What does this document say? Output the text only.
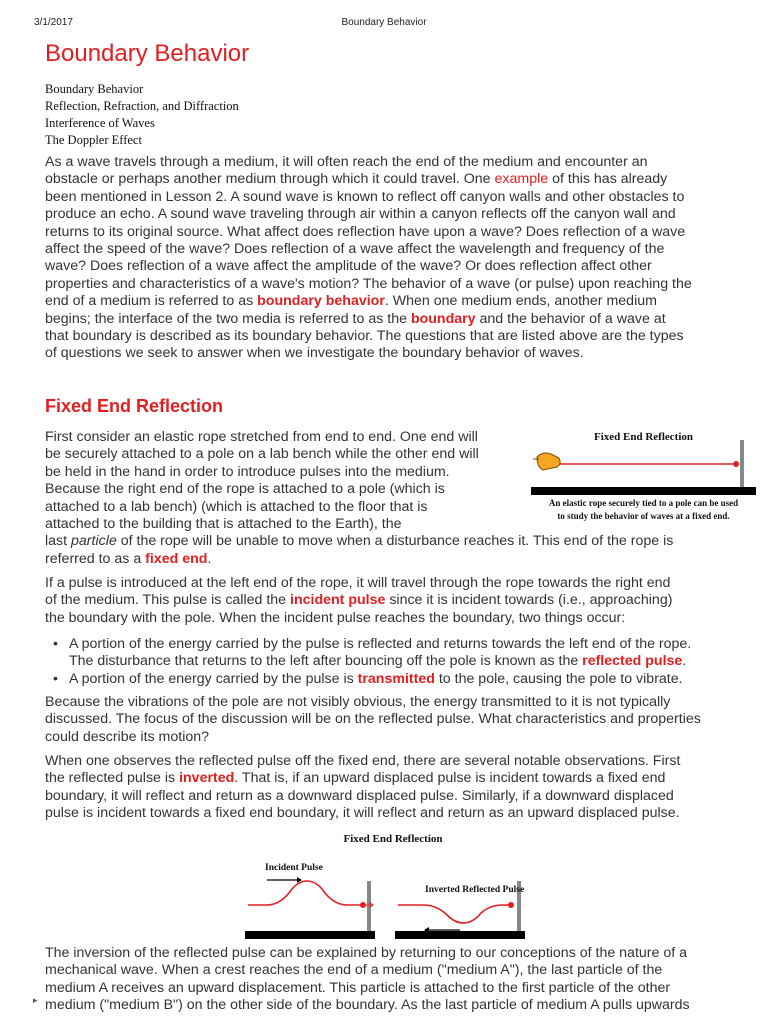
3/1/2017	Boundary Behavior
Boundary Behavior
Boundary Behavior
Reflection, Refraction, and Diffraction
Interference of Waves
The Doppler Effect
As a wave travels through a medium, it will often reach the end of the medium and encounter an
obstacle or perhaps another medium through which it could travel. One example of this has already
been mentioned in Lesson 2. A sound wave is known to reflect off canyon walls and other obstacles to
produce an echo. A sound wave traveling through air within a canyon reflects off the canyon wall and
returns to its original source. What affect does reflection have upon a wave? Does reflection of a wave
affect the speed of the wave? Does reflection of a wave affect the wavelength and frequency of the
wave? Does reflection of a wave affect the amplitude of the wave? Or does reflection affect other
properties and characteristics of a wave's motion? The behavior of a wave (or pulse) upon reaching the
end of a medium is referred to as boundary behavior. When one medium ends, another medium
begins; the interface of the two media is referred to as the boundary and the behavior of a wave at
that boundary is described as its boundary behavior. The questions that are listed above are the types
of questions we seek to answer when we investigate the boundary behavior of waves.
Fixed End Reflection
First consider an elastic rope stretched from end to end. One end will
be securely attached to a pole on a lab bench while the other end will
be held in the hand in order to introduce pulses into the medium.
Because the right end of the rope is attached to a pole (which is
attached to a lab bench) (which is attached to the floor that is
attached to the building that is attached to the Earth), the
last particle of the rope will be unable to move when a disturbance reaches it. This end of the rope is
referred to as a fixed end.
Fixed End Reflection
An elastic rope securely tied to a pole can be used
to study the behavior of waves at a fixed end.
If a pulse is introduced at the left end of the rope, it will travel through the rope towards the right end
of the medium. This pulse is called the incident pulse since it is incident towards (i.e., approaching)
the boundary with the pole. When the incident pulse reaches the boundary, two things occur:
• A portion of the energy carried by the pulse is reflected and returns towards the left end of the rope.
The disturbance that returns to the left after bouncing off the pole is known as the reflected pulse.
• A portion of the energy carried by the pulse is transmitted to the pole, causing the pole to vibrate.
Because the vibrations of the pole are not visibly obvious, the energy transmitted to it is not typically
discussed. The focus of the discussion will be on the reflected pulse. What characteristics and properties
could describe its motion?
When one observes the reflected pulse off the fixed end, there are several notable observations. First
the reflected pulse is inverted. That is, if an upward displaced pulse is incident towards a fixed end
boundary, it will reflect and return as a downward displaced pulse. Similarly, if a downward displaced
pulse is incident towards a fixed end boundary, it will reflect and return as an upward displaced pulse.
Fixed End Reflection
Incident Pulse
Inverted Reflected Pulse
The inversion of the reflected pulse can be explained by returning to our conceptions of the nature of a
mechanical wave. When a crest reaches the end of a medium ("medium A"), the last particle of the
medium A receives an upward displacement. This particle is attached to the first particle of the other
medium ("medium B") on the other side of the boundary. As the last particle of medium A pulls upwards
▸
